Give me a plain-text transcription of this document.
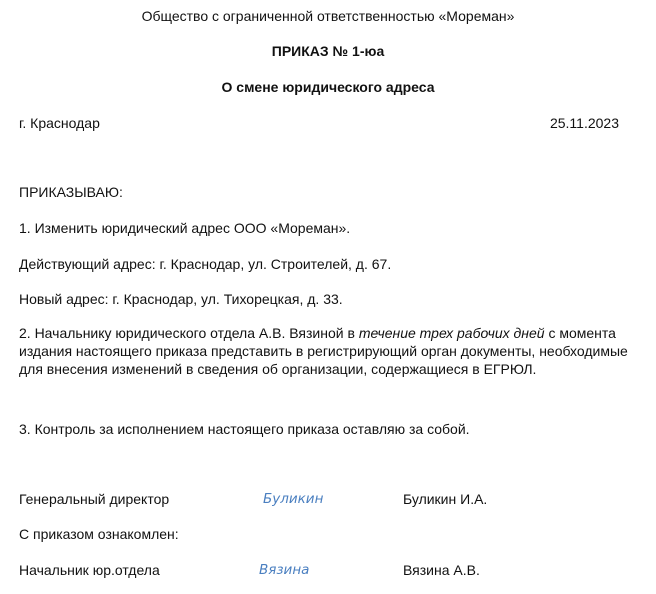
Общество с ограниченной ответственностью «Мореман»
ПРИКАЗ № 1-юа
О смене юридического адреса
г. Краснодар	25.11.2023
ПРИКАЗЫВАЮ:
1. Изменить юридический адрес ООО «Мореман».
Действующий адрес: г. Краснодар, ул. Строителей, д. 67.
Новый адрес: г. Краснодар, ул. Тихорецкая, д. 33.
2. Начальнику юридического отдела А.В. Вязиной в течение трех рабочих дней с момента издания настоящего приказа представить в регистрирующий орган документы, необходимые для внесения изменений в сведения об организации, содержащиеся в ЕГРЮЛ.
3. Контроль за исполнением настоящего приказа оставляю за собой.
Генеральный директор	Буликин	Буликин И.А.
С приказом ознакомлен:
Начальник юр.отдела	Вязина	Вязина А.В.
